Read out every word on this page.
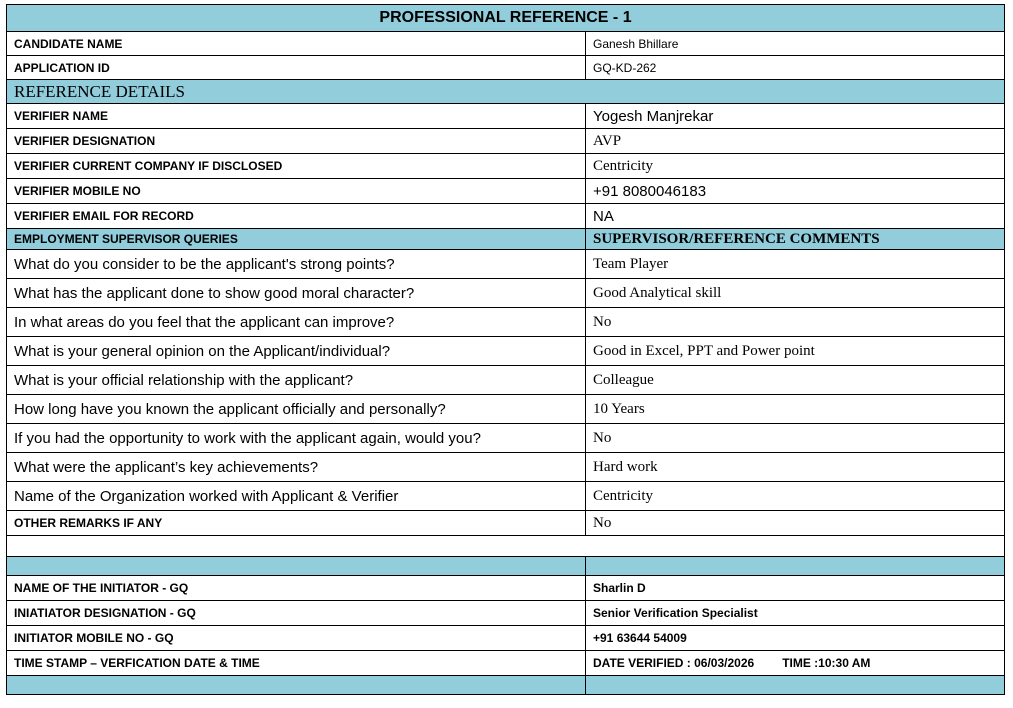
PROFESSIONAL REFERENCE - 1	
CANDIDATE NAME	Ganesh Bhillare
APPLICATION ID	GQ-KD-262
REFERENCE DETAILS	
VERIFIER NAME	Yogesh Manjrekar
VERIFIER DESIGNATION	AVP
VERIFIER CURRENT COMPANY IF DISCLOSED	Centricity
VERIFIER MOBILE NO	+91 8080046183
VERIFIER EMAIL FOR RECORD	NA
EMPLOYMENT SUPERVISOR QUERIES	SUPERVISOR/REFERENCE COMMENTS
What do you consider to be the applicant's strong points?	Team Player
What has the applicant done to show good moral character?	Good Analytical skill
In what areas do you feel that the applicant can improve?	No
What is your general opinion on the Applicant/individual?	Good in Excel, PPT and Power point
What is your official relationship with the applicant?	Colleague
How long have you known the applicant officially and personally?	10 Years
If you had the opportunity to work with the applicant again, would you?	No
What were the applicant’s key achievements?	Hard work
Name of the Organization worked with Applicant & Verifier	Centricity
OTHER REMARKS IF ANY	No

NAME OF THE INITIATOR - GQ	Sharlin D
INIATIATOR DESIGNATION - GQ	Senior Verification Specialist
INITIATOR MOBILE NO - GQ	+91 63644 54009
TIME STAMP – VERFICATION DATE & TIME	DATE VERIFIED : 06/03/2026 TIME :10:30 AM
